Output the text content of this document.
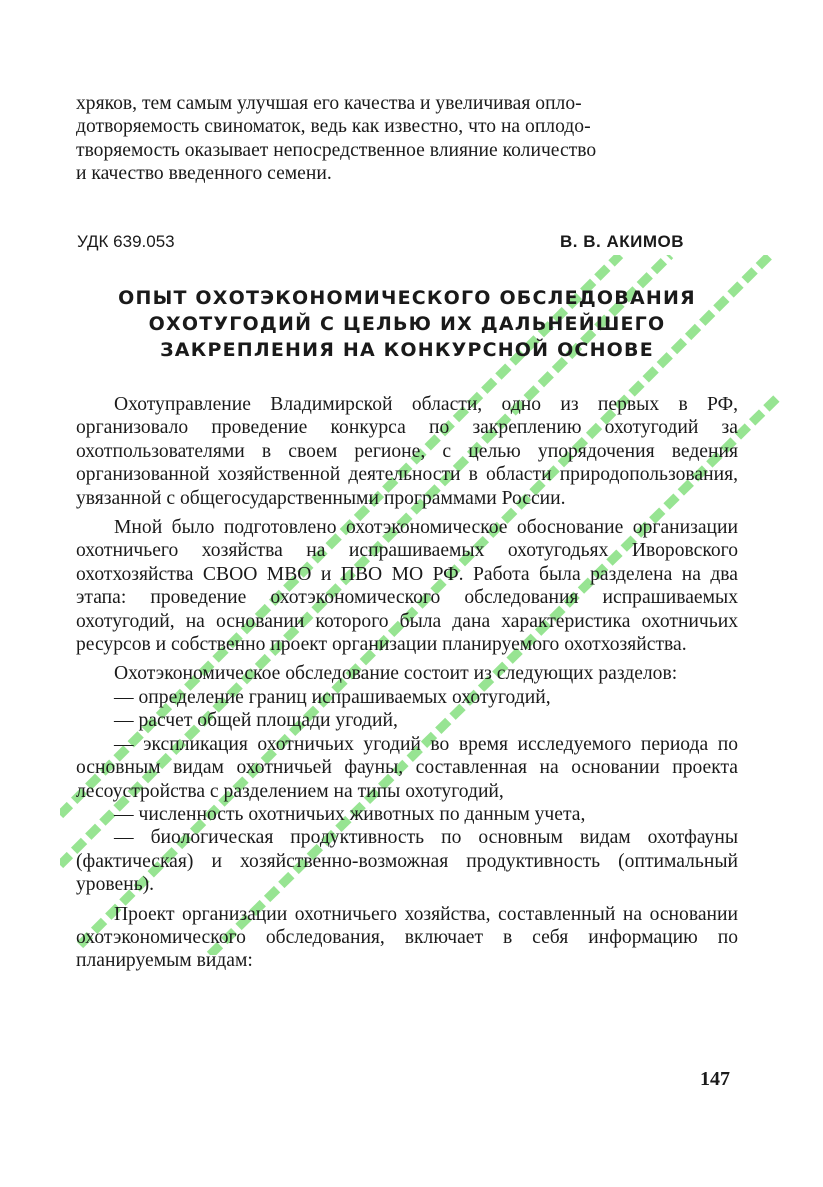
хряков, тем самым улучшая его качества и увеличивая опло-
дотворяемость свиноматок, ведь как известно, что на оплодо-
творяемость оказывает непосредственное влияние количество
и качество введенного семени.
УДК 639.053	В. В. АКИМОВ
ОПЫТ ОХОТЭКОНОМИЧЕСКОГО ОБСЛЕДОВАНИЯ
ОХОТУГОДИЙ С ЦЕЛЬЮ ИХ ДАЛЬНЕЙШЕГО
ЗАКРЕПЛЕНИЯ НА КОНКУРСНОЙ ОСНОВЕ

Охотуправление Владимирской области, одно из первых в РФ, организовало проведение конкурса по закреплению охотугодий за охотпользователями в своем регионе, с целью упорядочения ведения организованной хозяйственной деятельности в области природопользования, увязанной с общегосударственными программами России.

Мной было подготовлено охотэкономическое обоснование организации охотничьего хозяйства на испрашиваемых охотугодьях Иворовского охотхозяйства СВОО МВО и ПВО МО РФ. Работа была разделена на два этапа: проведение охотэкономического обследования испрашиваемых охотугодий, на основании которого была дана характеристика охотничьих ресурсов и собственно проект организации планируемого охотхозяйства.

Охотэкономическое обследование состоит из следующих разделов:

— определение границ испрашиваемых охотугодий,

— расчет общей площади угодий,

— экспликация охотничьих угодий во время исследуемого периода по основным видам охотничьей фауны, составленная на основании проекта лесоустройства с разделением на типы охотугодий,

— численность охотничьих животных по данным учета,

— биологическая продуктивность по основным видам охотфауны (фактическая) и хозяйственно-возможная продуктивность (оптимальный уровень).

Проект организации охотничьего хозяйства, составленный на основании охотэкономического обследования, включает в себя информацию по планируемым видам:

147
